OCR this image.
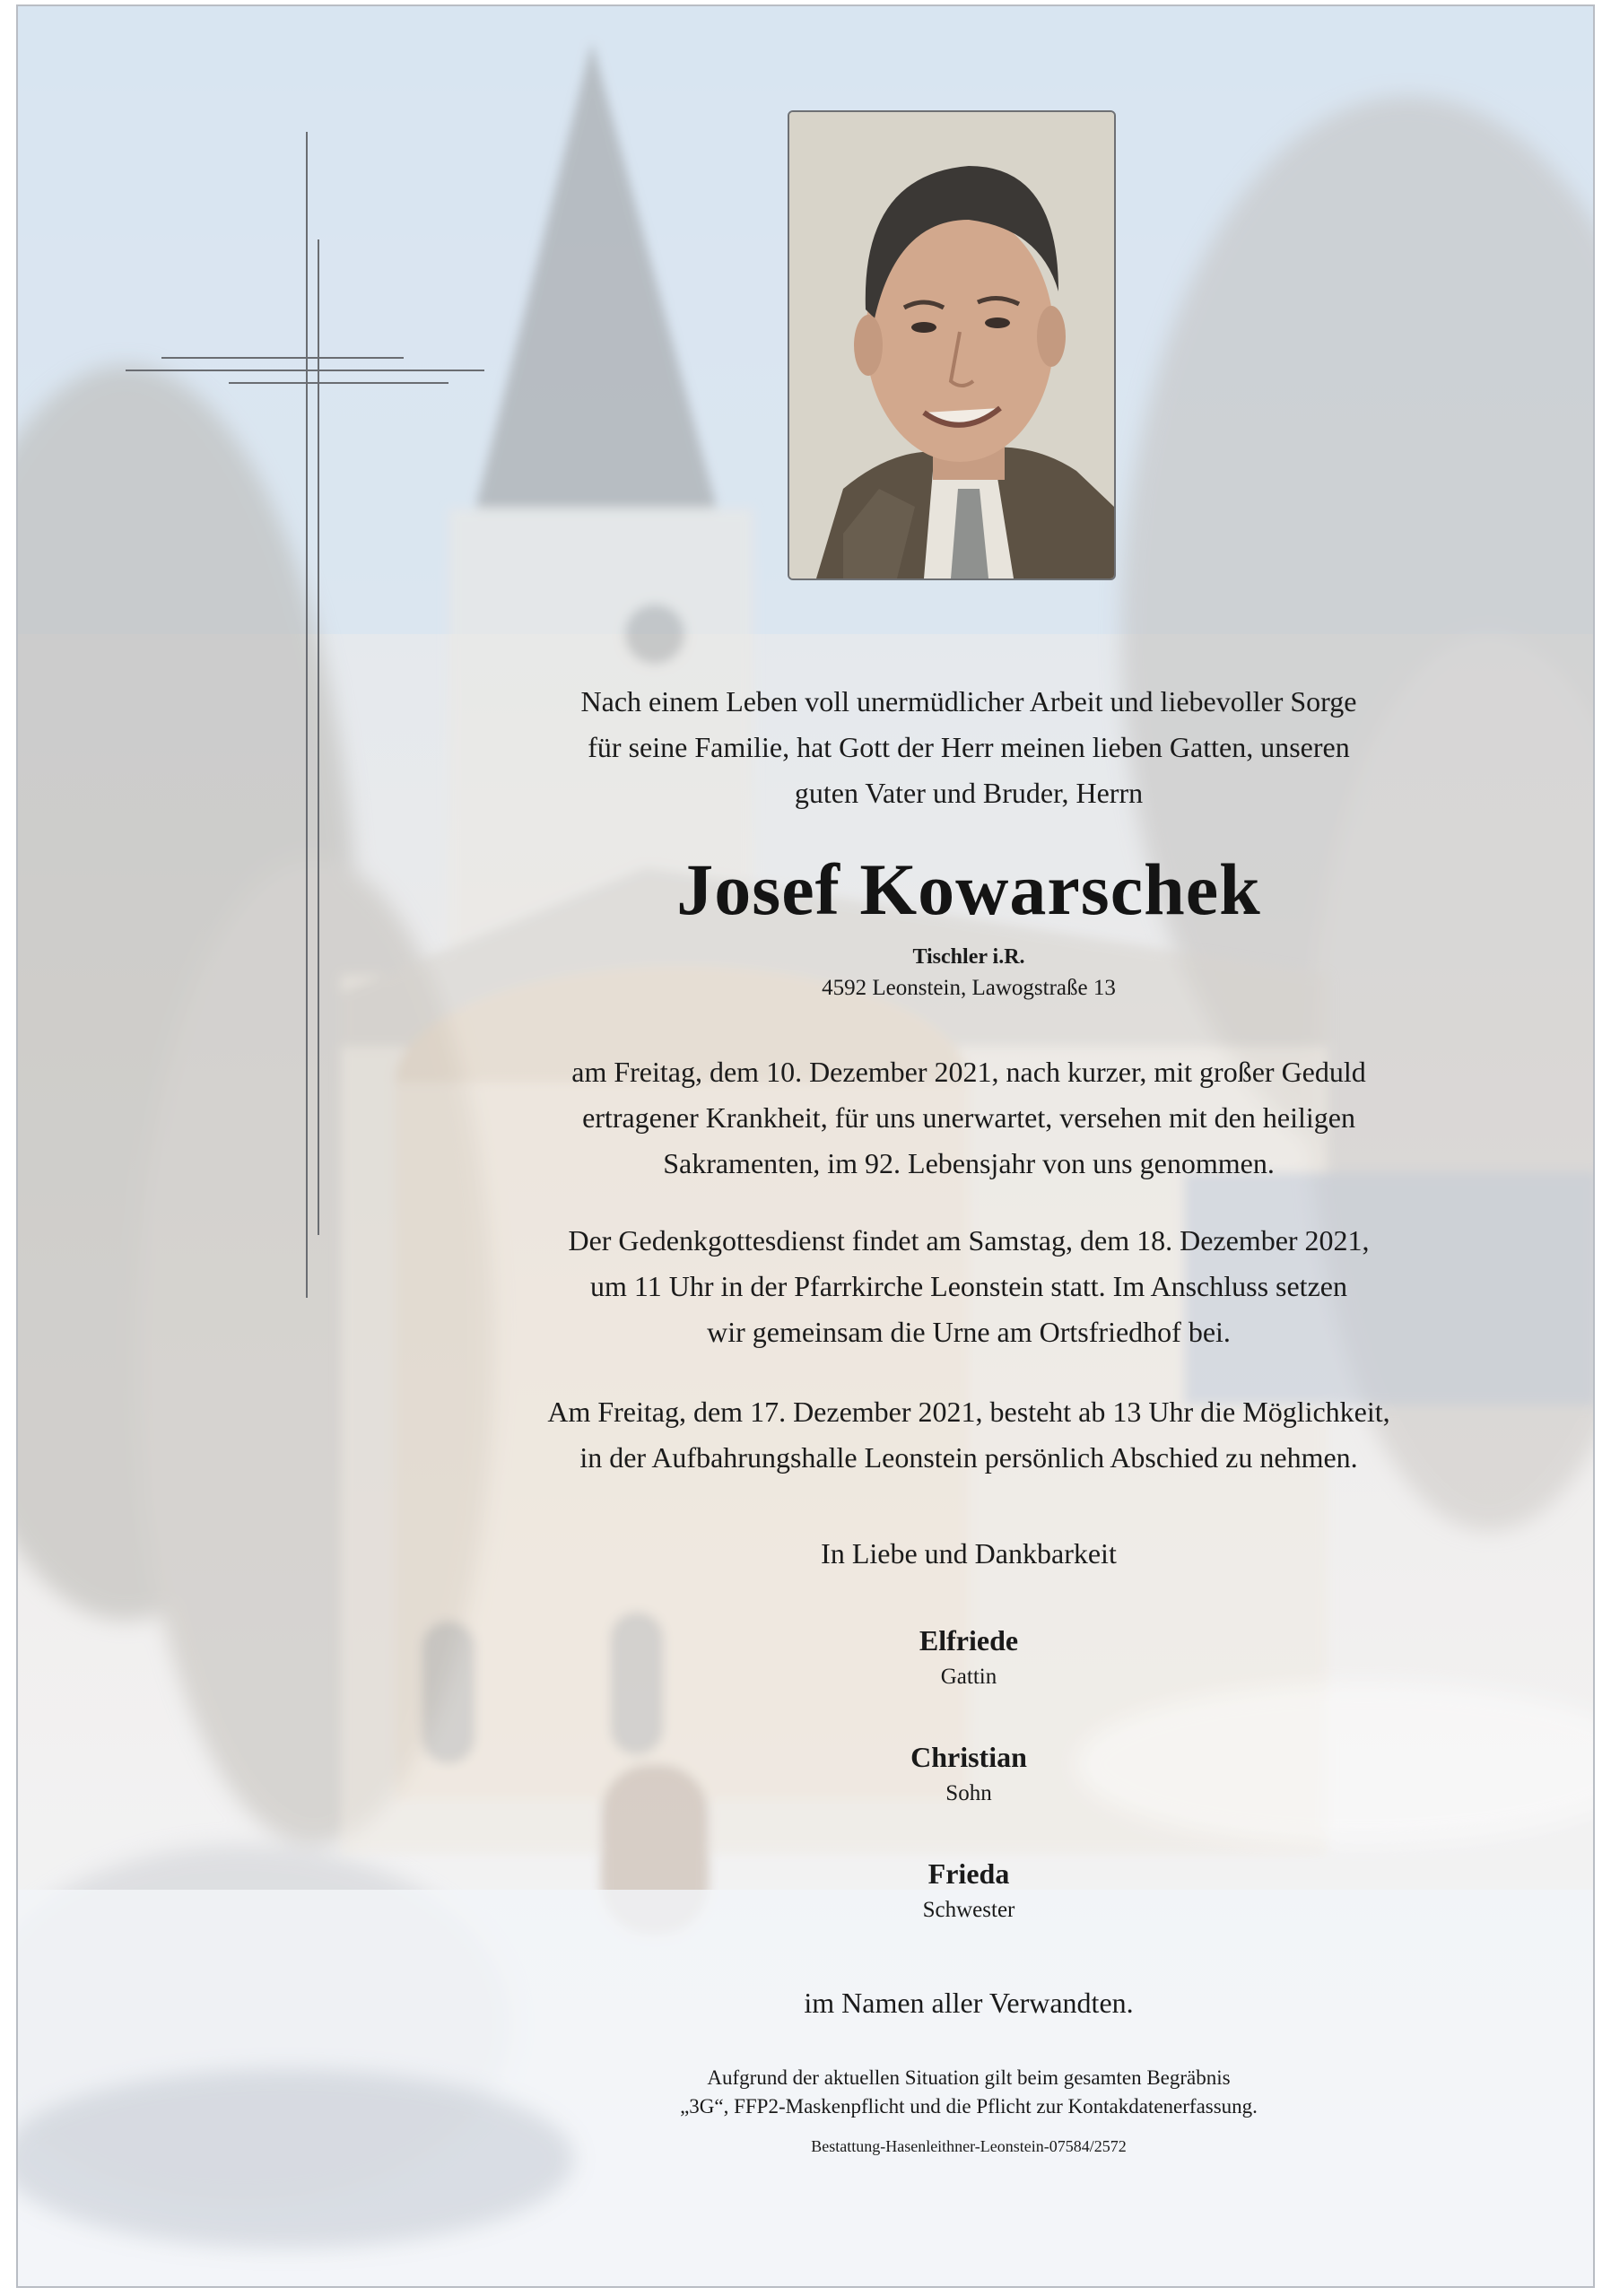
Nach einem Leben voll unermüdlicher Arbeit und liebevoller Sorge
für seine Familie, hat Gott der Herr meinen lieben Gatten, unseren
guten Vater und Bruder, Herrn

Josef Kowarschek

Tischler i.R.
4592 Leonstein, Lawogstraße 13

am Freitag, dem 10. Dezember 2021, nach kurzer, mit großer Geduld
ertragener Krankheit, für uns unerwartet, versehen mit den heiligen
Sakramenten, im 92. Lebensjahr von uns genommen.

Der Gedenkgottesdienst findet am Samstag, dem 18. Dezember 2021,
um 11 Uhr in der Pfarrkirche Leonstein statt. Im Anschluss setzen
wir gemeinsam die Urne am Ortsfriedhof bei.

Am Freitag, dem 17. Dezember 2021, besteht ab 13 Uhr die Möglichkeit,
in der Aufbahrungshalle Leonstein persönlich Abschied zu nehmen.

In Liebe und Dankbarkeit

Elfriede
Gattin
Christian
Sohn
Frieda
Schwester

im Namen aller Verwandten.

Aufgrund der aktuellen Situation gilt beim gesamten Begräbnis
„3G“, FFP2-Maskenpflicht und die Pflicht zur Kontakdatenerfassung.
Bestattung-Hasenleithner-Leonstein-07584/2572
